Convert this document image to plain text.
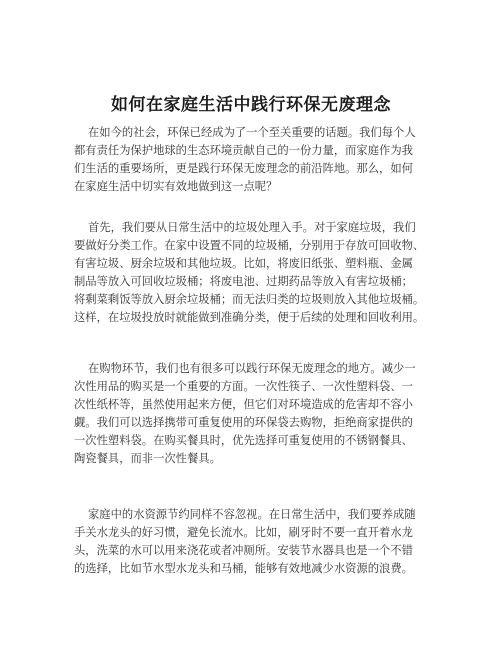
如何在家庭生活中践行环保无废理念
在如今的社会，环保已经成为了一个至关重要的话题。我们每个人
都有责任为保护地球的生态环境贡献自己的一份力量，而家庭作为我
们生活的重要场所，更是践行环保无废理念的前沿阵地。那么，如何
在家庭生活中切实有效地做到这一点呢？
首先，我们要从日常生活中的垃圾处理入手。对于家庭垃圾，我们
要做好分类工作。在家中设置不同的垃圾桶，分别用于存放可回收物、
有害垃圾、厨余垃圾和其他垃圾。比如，将废旧纸张、塑料瓶、金属
制品等放入可回收垃圾桶；将废电池、过期药品等放入有害垃圾桶；
将剩菜剩饭等放入厨余垃圾桶；而无法归类的垃圾则放入其他垃圾桶。
这样，在垃圾投放时就能做到准确分类，便于后续的处理和回收利用。
在购物环节，我们也有很多可以践行环保无废理念的地方。减少一
次性用品的购买是一个重要的方面。一次性筷子、一次性塑料袋、一
次性纸杯等，虽然使用起来方便，但它们对环境造成的危害却不容小
觑。我们可以选择携带可重复使用的环保袋去购物，拒绝商家提供的
一次性塑料袋。在购买餐具时，优先选择可重复使用的不锈钢餐具、
陶瓷餐具，而非一次性餐具。
家庭中的水资源节约同样不容忽视。在日常生活中，我们要养成随
手关水龙头的好习惯，避免长流水。比如，刷牙时不要一直开着水龙
头，洗菜的水可以用来浇花或者冲厕所。安装节水器具也是一个不错
的选择，比如节水型水龙头和马桶，能够有效地减少水资源的浪费。
